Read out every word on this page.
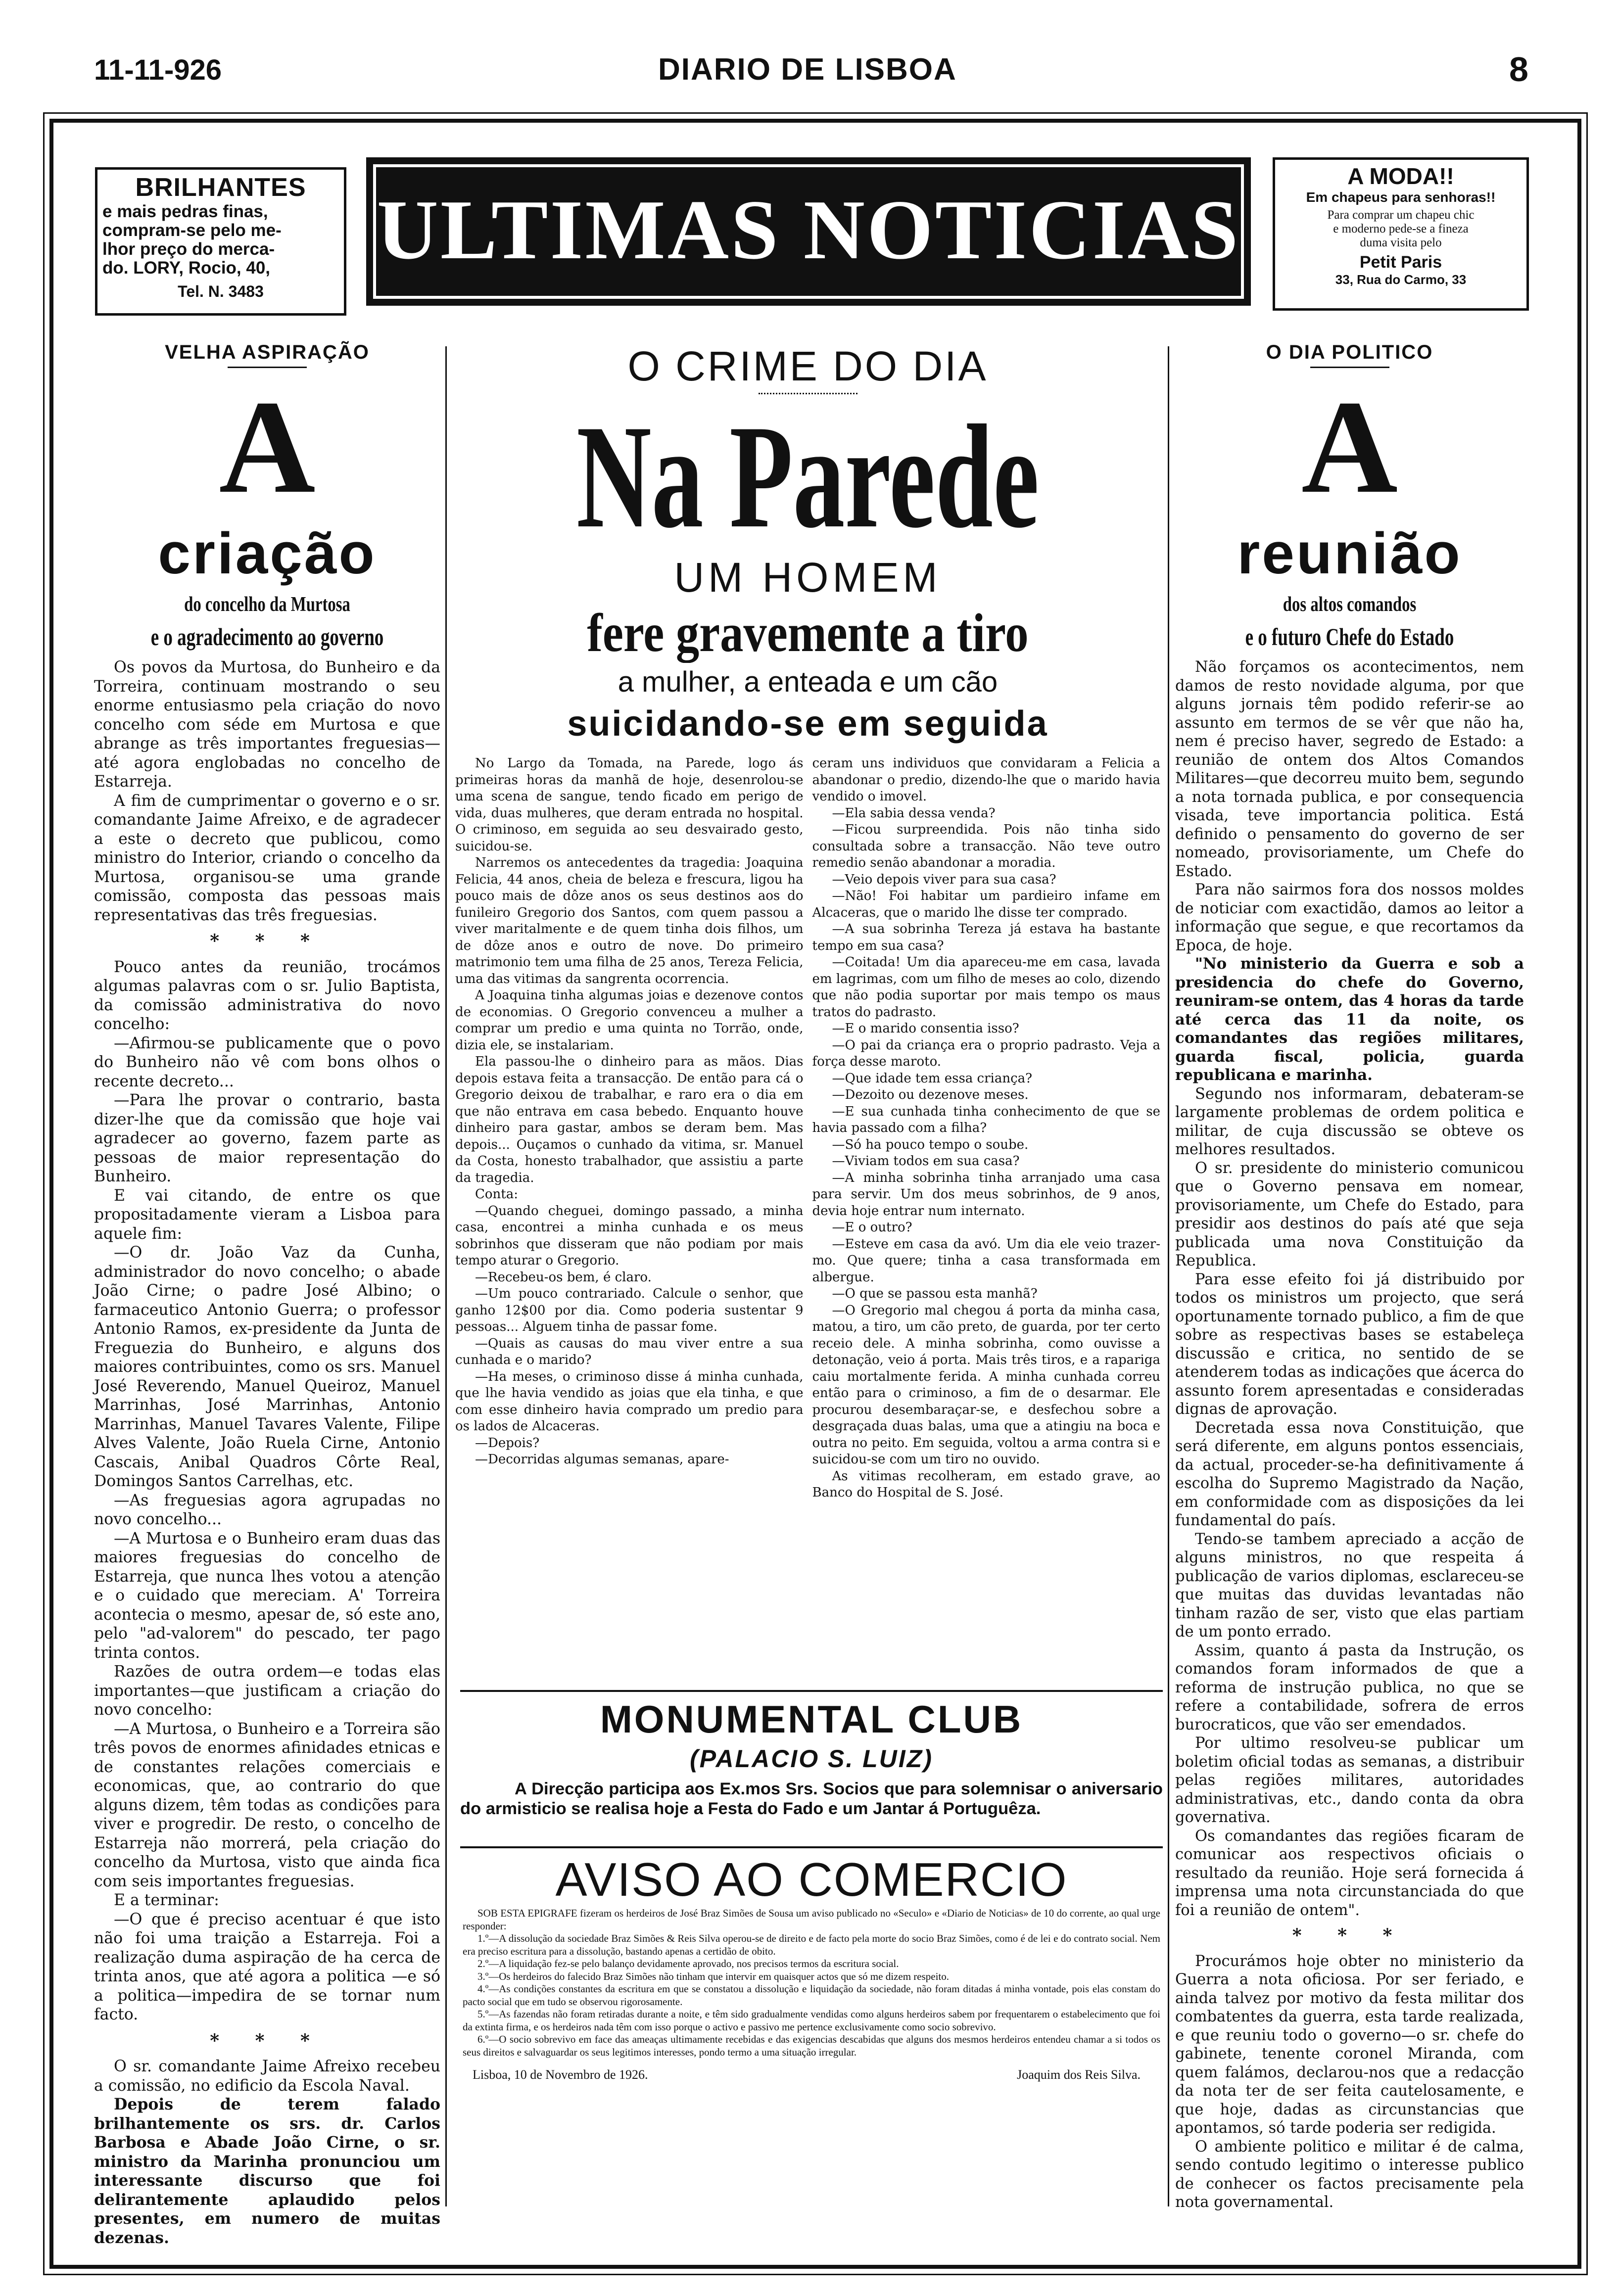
11-11-926	DIARIO DE LISBOA	8
BRILHANTES
e mais pedras finas,
compram-se pelo me-
lhor preço do merca-
do. LORY, Rocio, 40,
Tel. N. 3483
ULTIMAS NOTICIAS
A MODA!!
Em chapeus para senhoras!!
Para comprar um chapeu chic
e moderno pede-se a fineza
duma visita pelo
Petit Paris
33, Rua do Carmo, 33
VELHA ASPIRAÇÃO
A
criação
do concelho da Murtosa
e o agradecimento ao governo

Os povos da Murtosa, do Bunheiro e da Torreira, continuam mostrando o seu enorme entusiasmo pela criação do novo concelho com séde em Murtosa e que abrange as três importantes freguesias—até agora englobadas no concelho de Estarreja.

A fim de cumprimentar o governo e o sr. comandante Jaime Afreixo, e de agradecer a este o decreto que publicou, como ministro do Interior, criando o concelho da Murtosa, organisou-se uma grande comissão, composta das pessoas mais representativas das três freguesias.

* * *

Pouco antes da reunião, trocámos algumas palavras com o sr. Julio Baptista, da comissão administrativa do novo concelho:

—Afirmou-se publicamente que o povo do Bunheiro não vê com bons olhos o recente decreto...

—Para lhe provar o contrario, basta dizer-lhe que da comissão que hoje vai agradecer ao governo, fazem parte as pessoas de maior representação do Bunheiro.

E vai citando, de entre os que propositadamente vieram a Lisboa para aquele fim:

—O dr. João Vaz da Cunha, administrador do novo concelho; o abade João Cirne; o padre José Albino; o farmaceutico Antonio Guerra; o professor Antonio Ramos, ex-presidente da Junta de Freguezia do Bunheiro, e alguns dos maiores contribuintes, como os srs. Manuel José Reverendo, Manuel Queiroz, Manuel Marrinhas, José Marrinhas, Antonio Marrinhas, Manuel Tavares Valente, Filipe Alves Valente, João Ruela Cirne, Antonio Cascais, Anibal Quadros Côrte Real, Domingos Santos Carrelhas, etc.

—As freguesias agora agrupadas no novo concelho...

—A Murtosa e o Bunheiro eram duas das maiores freguesias do concelho de Estarreja, que nunca lhes votou a atenção e o cuidado que mereciam. A' Torreira acontecia o mesmo, apesar de, só este ano, pelo "ad-valorem" do pescado, ter pago trinta contos.

Razões de outra ordem—e todas elas importantes—que justificam a criação do novo concelho:

—A Murtosa, o Bunheiro e a Torreira são três povos de enormes afinidades etnicas e de constantes relações comerciais e economicas, que, ao contrario do que alguns dizem, têm todas as condições para viver e progredir. De resto, o concelho de Estarreja não morrerá, pela criação do concelho da Murtosa, visto que ainda fica com seis importantes freguesias.

E a terminar:

—O que é preciso acentuar é que isto não foi uma traição a Estarreja. Foi a realização duma aspiração de ha cerca de trinta anos, que até agora a politica —e só a politica—impedira de se tornar num facto.

* * *

O sr. comandante Jaime Afreixo recebeu a comissão, no edificio da Escola Naval.

Depois de terem falado brilhantemente os srs. dr. Carlos Barbosa e Abade João Cirne, o sr. ministro da Marinha pronunciou um interessante discurso que foi delirantemente aplaudido pelos presentes, em numero de muitas dezenas.

O CRIME DO DIA
Na Parede
UM HOMEM
fere gravemente a tiro
a mulher, a enteada e um cão
suicidando-se em seguida

No Largo da Tomada, na Parede, logo ás primeiras horas da manhã de hoje, desenrolou-se uma scena de sangue, tendo ficado em perigo de vida, duas mulheres, que deram entrada no hospital. O criminoso, em seguida ao seu desvairado gesto, suicidou-se.

Narremos os antecedentes da tragedia: Joaquina Felicia, 44 anos, cheia de beleza e frescura, ligou ha pouco mais de dôze anos os seus destinos aos do funileiro Gregorio dos Santos, com quem passou a viver maritalmente e de quem tinha dois filhos, um de dôze anos e outro de nove. Do primeiro matrimonio tem uma filha de 25 anos, Tereza Felicia, uma das vitimas da sangrenta ocorrencia.

A Joaquina tinha algumas joias e dezenove contos de economias. O Gregorio convenceu a mulher a comprar um predio e uma quinta no Torrão, onde, dizia ele, se instalariam.

Ela passou-lhe o dinheiro para as mãos. Dias depois estava feita a transacção. De então para cá o Gregorio deixou de trabalhar, e raro era o dia em que não entrava em casa bebedo. Enquanto houve dinheiro para gastar, ambos se deram bem. Mas depois... Ouçamos o cunhado da vitima, sr. Manuel da Costa, honesto trabalhador, que assistiu a parte da tragedia.

Conta:

—Quando cheguei, domingo passado, a minha casa, encontrei a minha cunhada e os meus sobrinhos que disseram que não podiam por mais tempo aturar o Gregorio.

—Recebeu-os bem, é claro.

—Um pouco contrariado. Calcule o senhor, que ganho 12$00 por dia. Como poderia sustentar 9 pessoas... Alguem tinha de passar fome.

—Quais as causas do mau viver entre a sua cunhada e o marido?

—Ha meses, o criminoso disse á minha cunhada, que lhe havia vendido as joias que ela tinha, e que com esse dinheiro havia comprado um predio para os lados de Alcaceras.

—Depois?

—Decorridas algumas semanas, apare-

ceram uns individuos que convidaram a Felicia a abandonar o predio, dizendo-lhe que o marido havia vendido o imovel.

—Ela sabia dessa venda?

—Ficou surpreendida. Pois não tinha sido consultada sobre a transacção. Não teve outro remedio senão abandonar a moradia.

—Veio depois viver para sua casa?

—Não! Foi habitar um pardieiro infame em Alcaceras, que o marido lhe disse ter comprado.

—A sua sobrinha Tereza já estava ha bastante tempo em sua casa?

—Coitada! Um dia apareceu-me em casa, lavada em lagrimas, com um filho de meses ao colo, dizendo que não podia suportar por mais tempo os maus tratos do padrasto.

—E o marido consentia isso?

—O pai da criança era o proprio padrasto. Veja a força desse maroto.

—Que idade tem essa criança?

—Dezoito ou dezenove meses.

—E sua cunhada tinha conhecimento de que se havia passado com a filha?

—Só ha pouco tempo o soube.

—Viviam todos em sua casa?

—A minha sobrinha tinha arranjado uma casa para servir. Um dos meus sobrinhos, de 9 anos, devia hoje entrar num internato.

—E o outro?

—Esteve em casa da avó. Um dia ele veio trazer-mo. Que quere; tinha a casa transformada em albergue.

—O que se passou esta manhã?

—O Gregorio mal chegou á porta da minha casa, matou, a tiro, um cão preto, de guarda, por ter certo receio dele. A minha sobrinha, como ouvisse a detonação, veio á porta. Mais três tiros, e a rapariga caiu mortalmente ferida. A minha cunhada correu então para o criminoso, a fim de o desarmar. Ele procurou desembaraçar-se, e desfechou sobre a desgraçada duas balas, uma que a atingiu na boca e outra no peito. Em seguida, voltou a arma contra si e suicidou-se com um tiro no ouvido.

As vitimas recolheram, em estado grave, ao Banco do Hospital de S. José.

MONUMENTAL CLUB
(PALACIO S. LUIZ)
A Direcção participa aos Ex.mos Srs. Socios que para solemnisar o aniversario do armisticio se realisa hoje a Festa do Fado e um Jantar á Portuguêza.
AVISO AO COMERCIO

SOB ESTA EPIGRAFE fizeram os herdeiros de José Braz Simões de Sousa um aviso publicado no «Seculo» e «Diario de Noticias» de 10 do corrente, ao qual urge responder:

1.º—A dissolução da sociedade Braz Simões & Reis Silva operou-se de direito e de facto pela morte do socio Braz Simões, como é de lei e do contrato social. Nem era preciso escritura para a dissolução, bastando apenas a certidão de obito.

2.º—A liquidação fez-se pelo balanço devidamente aprovado, nos precisos termos da escritura social.

3.º—Os herdeiros do falecido Braz Simões não tinham que intervir em quaisquer actos que só me dizem respeito.

4.º—As condições constantes da escritura em que se constatou a dissolução e liquidação da sociedade, não foram ditadas á minha vontade, pois elas constam do pacto social que em tudo se observou rigorosamente.

5.º—As fazendas não foram retiradas durante a noite, e têm sido gradualmente vendidas como alguns herdeiros sabem por frequentarem o estabelecimento que foi da extinta firma, e os herdeiros nada têm com isso porque o activo e passivo me pertence exclusivamente como socio sobrevivo.

6.º—O socio sobrevivo em face das ameaças ultimamente recebidas e das exigencias descabidas que alguns dos mesmos herdeiros entendeu chamar a si todos os seus direitos e salvaguardar os seus legitimos interesses, pondo termo a uma situação irregular.

Lisboa, 10 de Novembro de 1926.	Joaquim dos Reis Silva.
O DIA POLITICO
A
reunião
dos altos comandos
e o futuro Chefe do Estado

Não forçamos os acontecimentos, nem damos de resto novidade alguma, por que alguns jornais têm podido referir-se ao assunto em termos de se vêr que não ha, nem é preciso haver, segredo de Estado: a reunião de ontem dos Altos Comandos Militares—que decorreu muito bem, segundo a nota tornada publica, e por consequencia visada, teve importancia politica. Está definido o pensamento do governo de ser nomeado, provisoriamente, um Chefe do Estado.

Para não sairmos fora dos nossos moldes de noticiar com exactidão, damos ao leitor a informação que segue, e que recortamos da Epoca, de hoje.

"No ministerio da Guerra e sob a presidencia do chefe do Governo, reuniram-se ontem, das 4 horas da tarde até cerca das 11 da noite, os comandantes das regiões militares, guarda fiscal, policia, guarda republicana e marinha.

Segundo nos informaram, debateram-se largamente problemas de ordem politica e militar, de cuja discussão se obteve os melhores resultados.

O sr. presidente do ministerio comunicou que o Governo pensava em nomear, provisoriamente, um Chefe do Estado, para presidir aos destinos do país até que seja publicada uma nova Constituição da Republica.

Para esse efeito foi já distribuido por todos os ministros um projecto, que será oportunamente tornado publico, a fim de que sobre as respectivas bases se estabeleça discussão e critica, no sentido de se atenderem todas as indicações que ácerca do assunto forem apresentadas e consideradas dignas de aprovação.

Decretada essa nova Constituição, que será diferente, em alguns pontos essenciais, da actual, proceder-se-ha definitivamente á escolha do Supremo Magistrado da Nação, em conformidade com as disposições da lei fundamental do país.

Tendo-se tambem apreciado a acção de alguns ministros, no que respeita á publicação de varios diplomas, esclareceu-se que muitas das duvidas levantadas não tinham razão de ser, visto que elas partiam de um ponto errado.

Assim, quanto á pasta da Instrução, os comandos foram informados de que a reforma de instrução publica, no que se refere a contabilidade, sofrera de erros burocraticos, que vão ser emendados.

Por ultimo resolveu-se publicar um boletim oficial todas as semanas, a distribuir pelas regiões militares, autoridades administrativas, etc., dando conta da obra governativa.

Os comandantes das regiões ficaram de comunicar aos respectivos oficiais o resultado da reunião. Hoje será fornecida á imprensa uma nota circunstanciada do que foi a reunião de ontem".

* * *

Procurámos hoje obter no ministerio da Guerra a nota oficiosa. Por ser feriado, e ainda talvez por motivo da festa militar dos combatentes da guerra, esta tarde realizada, e que reuniu todo o governo—o sr. chefe do gabinete, tenente coronel Miranda, com quem falámos, declarou-nos que a redacção da nota ter de ser feita cautelosamente, e que hoje, dadas as circunstancias que apontamos, só tarde poderia ser redigida.

O ambiente politico e militar é de calma, sendo contudo legitimo o interesse publico de conhecer os factos precisamente pela nota governamental.
